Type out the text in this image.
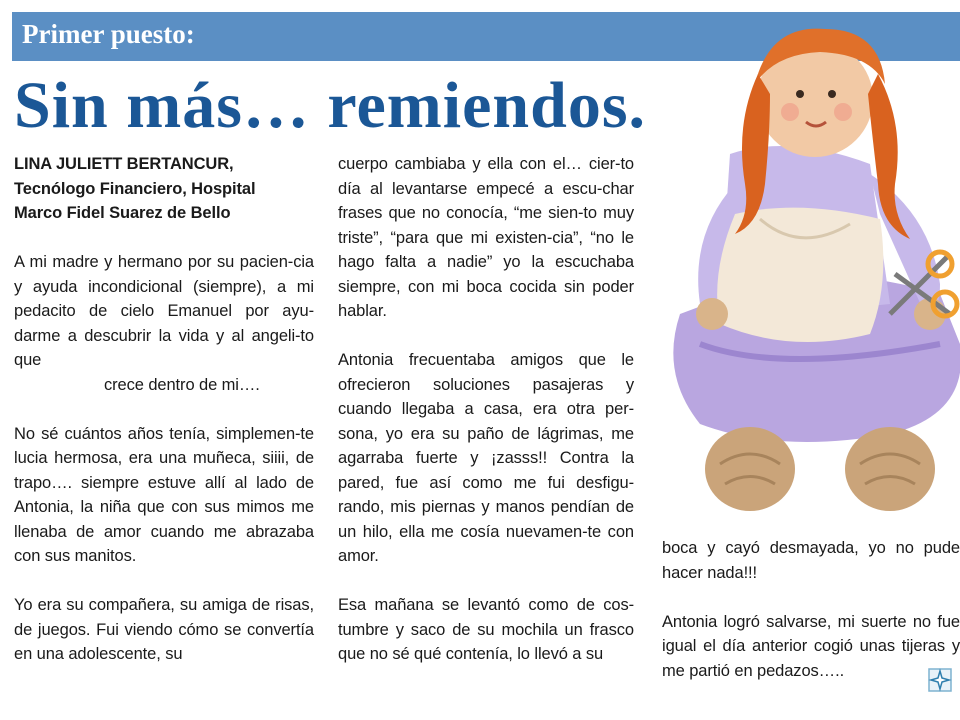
Primer puesto:
Sin más… remiendos.

LINA JULIETT BERTANCUR,
Tecnólogo Financiero, Hospital
Marco Fidel Suarez de Bello

A mi madre y hermano por su pacien-cia y ayuda incondicional (siempre), a mi pedacito de cielo Emanuel por ayu-darme a descubrir la vida y al angeli-to que
crece dentro de mi….

No sé cuántos años tenía, simplemen-te lucia hermosa, era una muñeca, siiii, de trapo…. siempre estuve allí al lado de Antonia, la niña que con sus mimos me llenaba de amor cuando me abrazaba con sus manitos.

Yo era su compañera, su amiga de risas, de juegos. Fui viendo cómo se convertía en una adolescente, su

cuerpo cambiaba y ella con el… cier-to día al levantarse empecé a escu-char frases que no conocía, “me sien-to muy triste”, “para que mi existen-cia”, “no le hago falta a nadie” yo la escuchaba siempre, con mi boca cocida sin poder hablar.

Antonia frecuentaba amigos que le ofrecieron soluciones pasajeras y cuando llegaba a casa, era otra per-sona, yo era su paño de lágrimas, me agarraba fuerte y ¡zasss!! Contra la pared, fue así como me fui desfigu-rando, mis piernas y manos pendían de un hilo, ella me cosía nuevamen-te con amor.

Esa mañana se levantó como de cos-tumbre y saco de su mochila un frasco que no sé qué contenía, lo llevó a su

boca y cayó desmayada, yo no pude hacer nada!!!

Antonia logró salvarse, mi suerte no fue igual el día anterior cogió unas tijeras y me partió en pedazos…..
